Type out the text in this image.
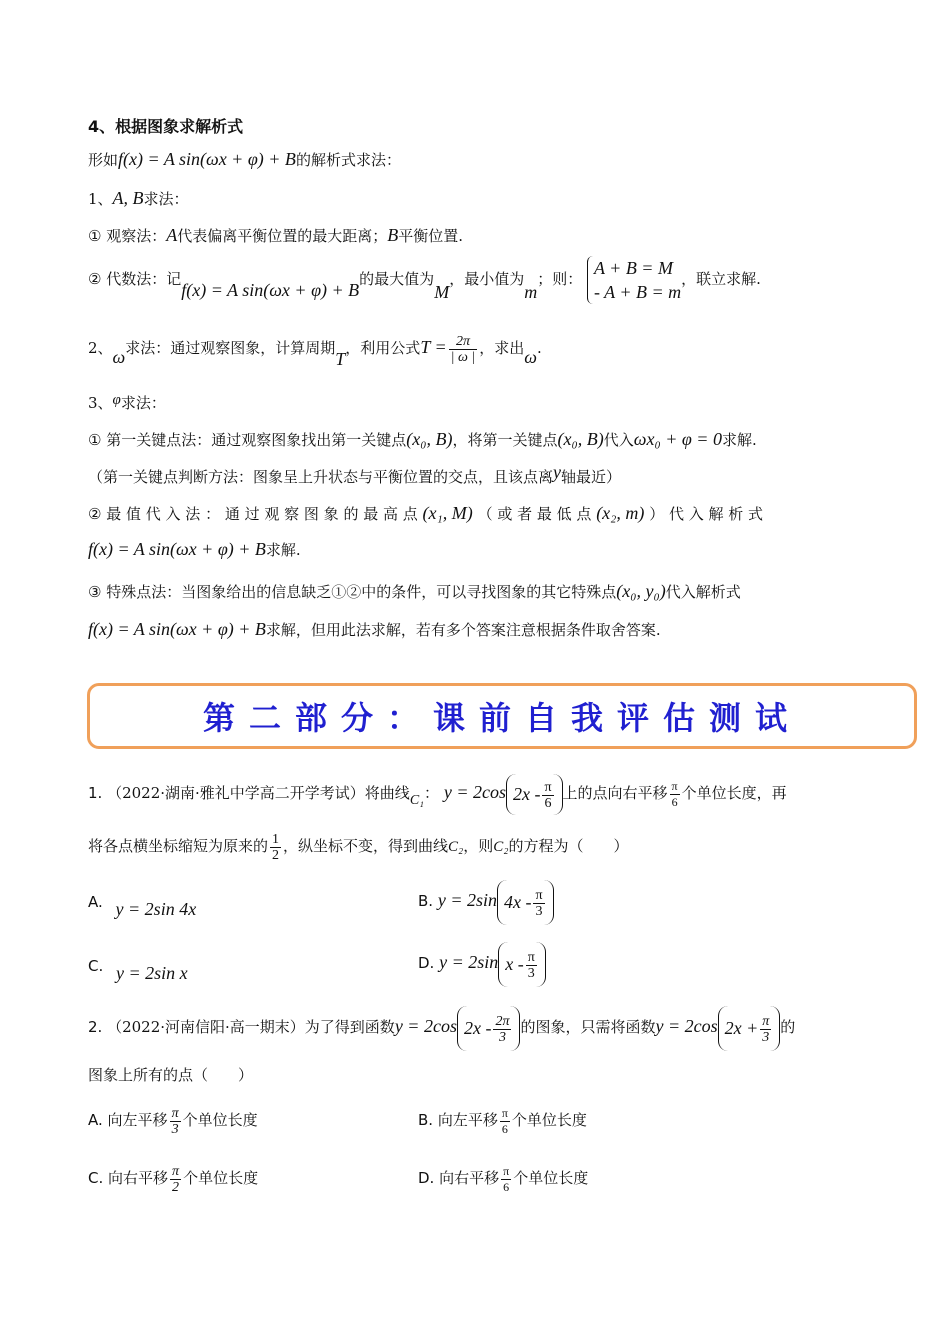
4、根据图象求解析式
形如f(x) = A sin(ωx + φ) + B的解析式求法：
1、A, B求法：
① 观察法：A代表偏离平衡位置的最大距离；B平衡位置.
② 代数法：记f(x) = A sin(ωx + φ) + B的最大值为M，最小值为m；则：
A + B = M
- A + B = m
，联立求解.
2、ω求法：通过观察图象，计算周期T，利用公式$T = \frac{2\pi}{| \omega |}$ ，求出ω.
3、φ求法：
① 第一关键点法：通过观察图象找出第一关键点(x₀, B)，将第一关键点(x₀, B)代入ωx₀ + φ = 0求解.
（第一关键点判断方法：图象呈上升状态与平衡位置的交点，且该点离y轴最近）
② 最 值 代 入 法 ： 通 过 观 察 图 象 的 最 高 点 (x₁, M) （ 或 者 最 低 点 (x₂, m) ） 代 入 解 析 式
f(x) = A sin(ωx + φ) + B求解.
③ 特殊点法：当图象给出的信息缺乏①②中的条件，可以寻找图象的其它特殊点(x₀, y₀)代入解析式
f(x) = A sin(ωx + φ) + B求解，但用此法求解，若有多个答案注意根据条件取舍答案.
第二部分：课前自我评估测试
1. （2022·湖南·雅礼中学高二开学考试）将曲线C₁： y = 2cos $2x - \frac{\pi}{6}$ 上的点向右平移 $\frac{\pi}{6}$ 个单位长度，再
将各点横坐标缩短为原来的 $\frac{1}{2}$ ，纵坐标不变，得到曲线C₂，则C₂的方程为（　　）
A. y = 2sin 4x	B. y = 2sin $4x - \frac{\pi}{3}$
C. y = 2sin x	D. y = 2sin x - $\frac{\pi}{3}$
2. （2022·河南信阳·高一期末）为了得到函数y = 2cos $2x - \frac{2\pi}{3}$ 的图象，只需将函数y = 2cos $2x + \frac{\pi}{3}$ 的
图象上所有的点（　　）
A. 向左平移 $\frac{\pi}{3}$ 个单位长度	B. 向左平移 $\frac{\pi}{6}$ 个单位长度
C. 向右平移 $\frac{\pi}{2}$ 个单位长度	D. 向右平移 $\frac{\pi}{6}$ 个单位长度
